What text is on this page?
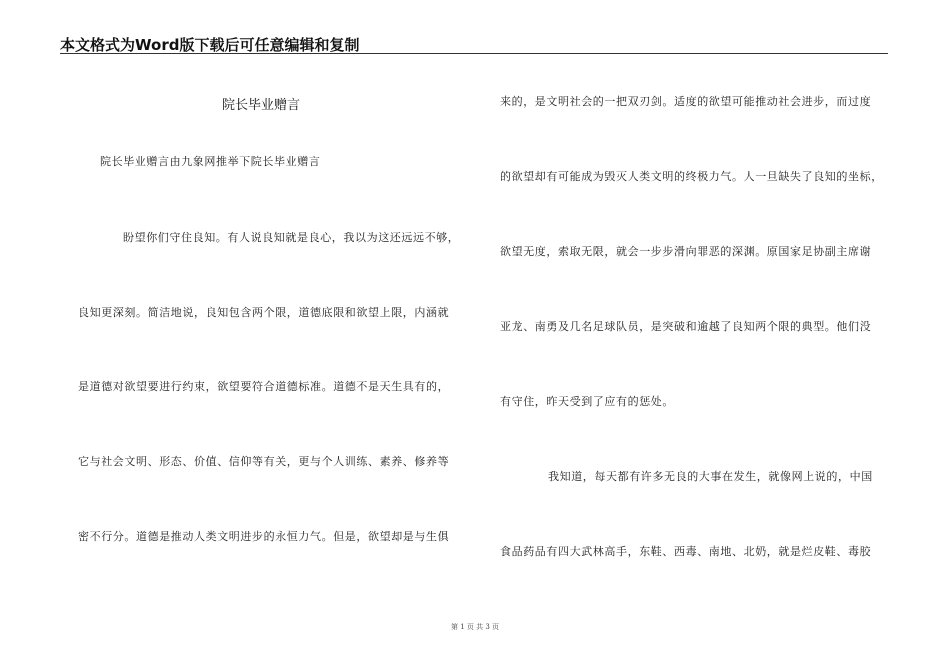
本文格式为Word版下载后可任意编辑和复制
院长毕业赠言
院长毕业赠言由九象网推举下院长毕业赠言
盼望你们守住良知。有人说良知就是良心，我以为这还远远不够，
良知更深刻。简洁地说，良知包含两个限，道德底限和欲望上限，内涵就
是道德对欲望要进行约束，欲望要符合道德标准。道德不是天生具有的，
它与社会文明、形态、价值、信仰等有关，更与个人训练、素养、修养等
密不行分。道德是推动人类文明进步的永恒力气。但是，欲望却是与生俱
来的，是文明社会的一把双刃剑。适度的欲望可能推动社会进步，而过度
的欲望却有可能成为毁灭人类文明的终极力气。人一旦缺失了良知的坐标，
欲望无度，索取无限，就会一步步滑向罪恶的深渊。原国家足协副主席谢
亚龙、南勇及几名足球队员，是突破和逾越了良知两个限的典型。他们没
有守住，昨天受到了应有的惩处。
我知道，每天都有许多无良的大事在发生，就像网上说的，中国
食品药品有四大武林高手，东鞋、西毒、南地、北奶，就是烂皮鞋、毒胶
第 1 页 共 3 页
